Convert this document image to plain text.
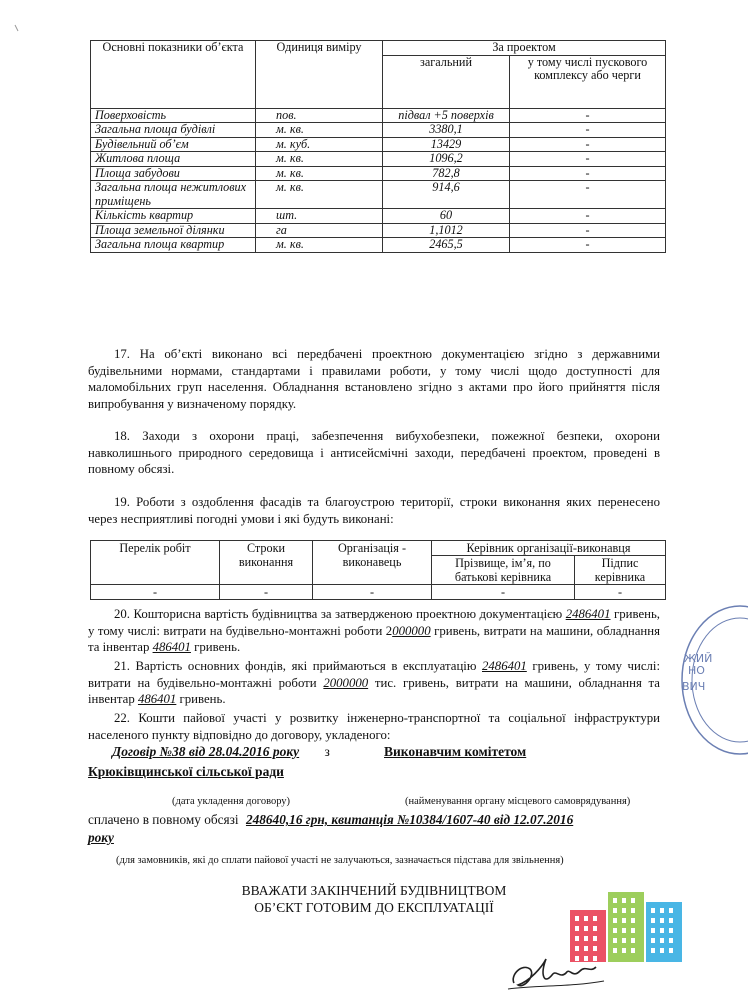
Основні показники об’єкта	Одиниця виміру	За проектом	
		загальний	у тому числі пускового комплексу або черги
Поверховість	пов.	підвал +5 поверхів	-
Загальна площа будівлі	м. кв.	3380,1	-
Будівельний об’єм	м. куб.	13429	-
Житлова площа	м. кв.	1096,2	-
Площа забудови	м. кв.	782,8	-
Загальна площа нежитлових приміщень	м. кв.	914,6	-
Кількість квартир	шт.	60	-
Площа земельної ділянки	га	1,1012	-
Загальна площа квартир	м. кв.	2465,5	-
17. На об’єкті виконано всі передбачені проектною документацією згідно з державними будівельними нормами, стандартами і правилами роботи, у тому числі щодо доступності для маломобільних груп населення. Обладнання встановлено згідно з актами про його прийняття після випробування у визначеному порядку.
18. Заходи з охорони праці, забезпечення вибухобезпеки, пожежної безпеки, охорони навколишнього природного середовища і антисейсмічні заходи, передбачені проектом, проведені в повному обсязі.
19. Роботи з оздоблення фасадів та благоустрою території, строки виконання яких перенесено через несприятливі погодні умови і які будуть виконані:
Перелік робіт	Строки виконання	Організація - виконавець	Керівник організації-виконавця	
			Прізвище, ім’я, по батькові керівника	Підпис керівника
-	-	-	-	-
20. Кошторисна вартість будівництва за затвердженою проектною документацією 2486401 гривень, у тому числі: витрати на будівельно-монтажні роботи 2000000 гривень, витрати на машини, обладнання та інвентар 486401 гривень.
21. Вартість основних фондів, які приймаються в експлуатацію 2486401 гривень, у тому числі: витрати на будівельно-монтажні роботи 2000000 тис. гривень, витрати на машини, обладнання та інвентар 486401 гривень.
22. Кошти пайової участі у розвитку інженерно-транспортної та соціальної інфраструктури населеного пункту відповідно до договору, укладеного:
Договір №38 від 28.04.2016 року з	Виконавчим комітетом
Крюківщинської сільської ради
(дата укладення договору)	(найменування органу місцевого самоврядування)
сплачено в повному обсязі 248640,16 грн, квитанція №10384/1607-40 від 12.07.2016
року
(для замовників, які до сплати пайової участі не залучаються, зазначається підстава для звільнення)
ВВАЖАТИ ЗАКІНЧЕНИЙ БУДІВНИЦТВОМ
ОБ’ЄКТ ГОТОВИМ ДО ЕКСПЛУАТАЦІЇ
ЖИЙ
НО
ВИЧ
